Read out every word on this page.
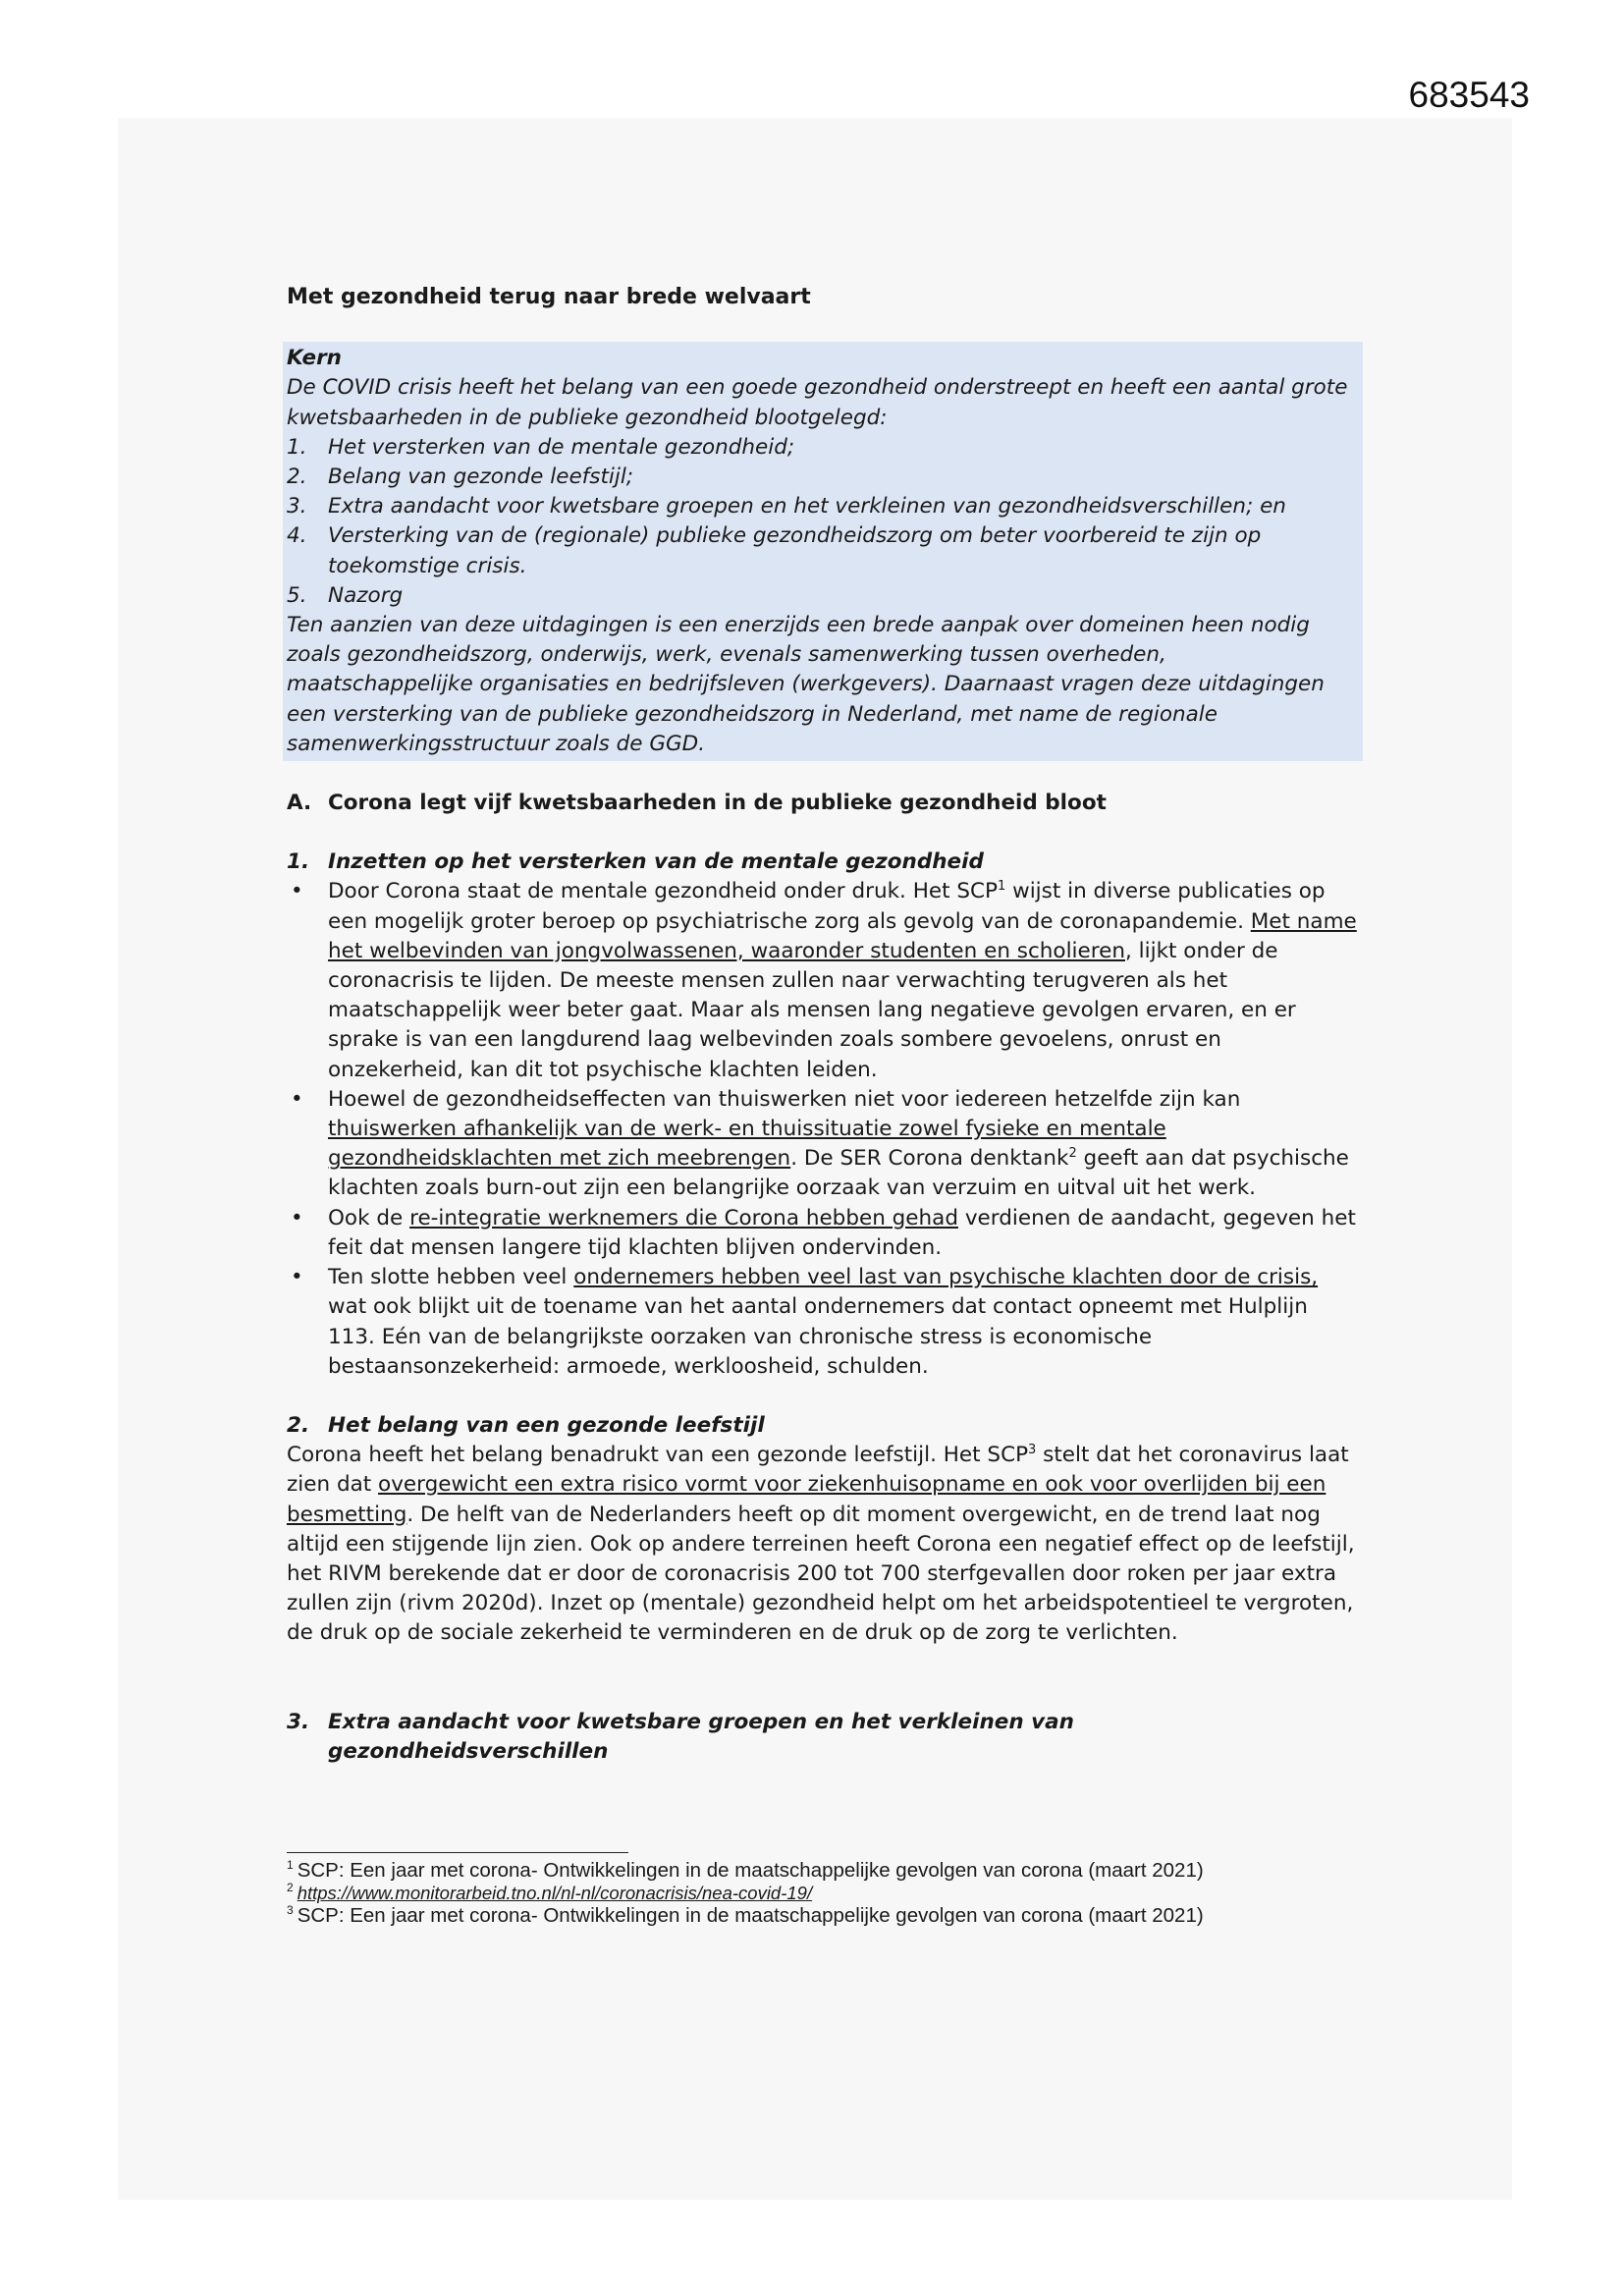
683543
Met gezondheid terug naar brede welvaart
Kern
De COVID crisis heeft het belang van een goede gezondheid onderstreept en heeft een aantal grote kwetsbaarheden in de publieke gezondheid blootgelegd:
1. Het versterken van de mentale gezondheid;
2. Belang van gezonde leefstijl;
3. Extra aandacht voor kwetsbare groepen en het verkleinen van gezondheidsverschillen; en
4. Versterking van de (regionale) publieke gezondheidszorg om beter voorbereid te zijn op toekomstige crisis.
5. Nazorg
Ten aanzien van deze uitdagingen is een enerzijds een brede aanpak over domeinen heen nodig zoals gezondheidszorg, onderwijs, werk, evenals samenwerking tussen overheden, maatschappelijke organisaties en bedrijfsleven (werkgevers). Daarnaast vragen deze uitdagingen een versterking van de publieke gezondheidszorg in Nederland, met name de regionale samenwerkingsstructuur zoals de GGD.
A. Corona legt vijf kwetsbaarheden in de publieke gezondheid bloot
1. Inzetten op het versterken van de mentale gezondheid
• Door Corona staat de mentale gezondheid onder druk. Het SCP$^1$ wijst in diverse publicaties op een mogelijk groter beroep op psychiatrische zorg als gevolg van de coronapandemie. Met name het welbevinden van jongvolwassenen, waaronder studenten en scholieren, lijkt onder de coronacrisis te lijden. De meeste mensen zullen naar verwachting terugveren als het maatschappelijk weer beter gaat. Maar als mensen lang negatieve gevolgen ervaren, en er sprake is van een langdurend laag welbevinden zoals sombere gevoelens, onrust en onzekerheid, kan dit tot psychische klachten leiden.
• Hoewel de gezondheidseffecten van thuiswerken niet voor iedereen hetzelfde zijn kan thuiswerken afhankelijk van de werk- en thuissituatie zowel fysieke en mentale gezondheidsklachten met zich meebrengen. De SER Corona denktank$^2$ geeft aan dat psychische klachten zoals burn-out zijn een belangrijke oorzaak van verzuim en uitval uit het werk.
• Ook de re-integratie werknemers die Corona hebben gehad verdienen de aandacht, gegeven het feit dat mensen langere tijd klachten blijven ondervinden.
• Ten slotte hebben veel ondernemers hebben veel last van psychische klachten door de crisis, wat ook blijkt uit de toename van het aantal ondernemers dat contact opneemt met Hulplijn 113. Eén van de belangrijkste oorzaken van chronische stress is economische bestaansonzekerheid: armoede, werkloosheid, schulden.
2. Het belang van een gezonde leefstijl
Corona heeft het belang benadrukt van een gezonde leefstijl. Het SCP$^3$ stelt dat het coronavirus laat zien dat overgewicht een extra risico vormt voor ziekenhuisopname en ook voor overlijden bij een besmetting. De helft van de Nederlanders heeft op dit moment overgewicht, en de trend laat nog altijd een stijgende lijn zien. Ook op andere terreinen heeft Corona een negatief effect op de leefstijl, het RIVM berekende dat er door de coronacrisis 200 tot 700 sterfgevallen door roken per jaar extra zullen zijn (rivm 2020d). Inzet op (mentale) gezondheid helpt om het arbeidspotentieel te vergroten, de druk op de sociale zekerheid te verminderen en de druk op de zorg te verlichten.
3. Extra aandacht voor kwetsbare groepen en het verkleinen van gezondheidsverschillen
$^1$ SCP: Een jaar met corona- Ontwikkelingen in de maatschappelijke gevolgen van corona (maart 2021)
$^2$ https://www.monitorarbeid.tno.nl/nl-nl/coronacrisis/nea-covid-19/
$^3$ SCP: Een jaar met corona- Ontwikkelingen in de maatschappelijke gevolgen van corona (maart 2021)
